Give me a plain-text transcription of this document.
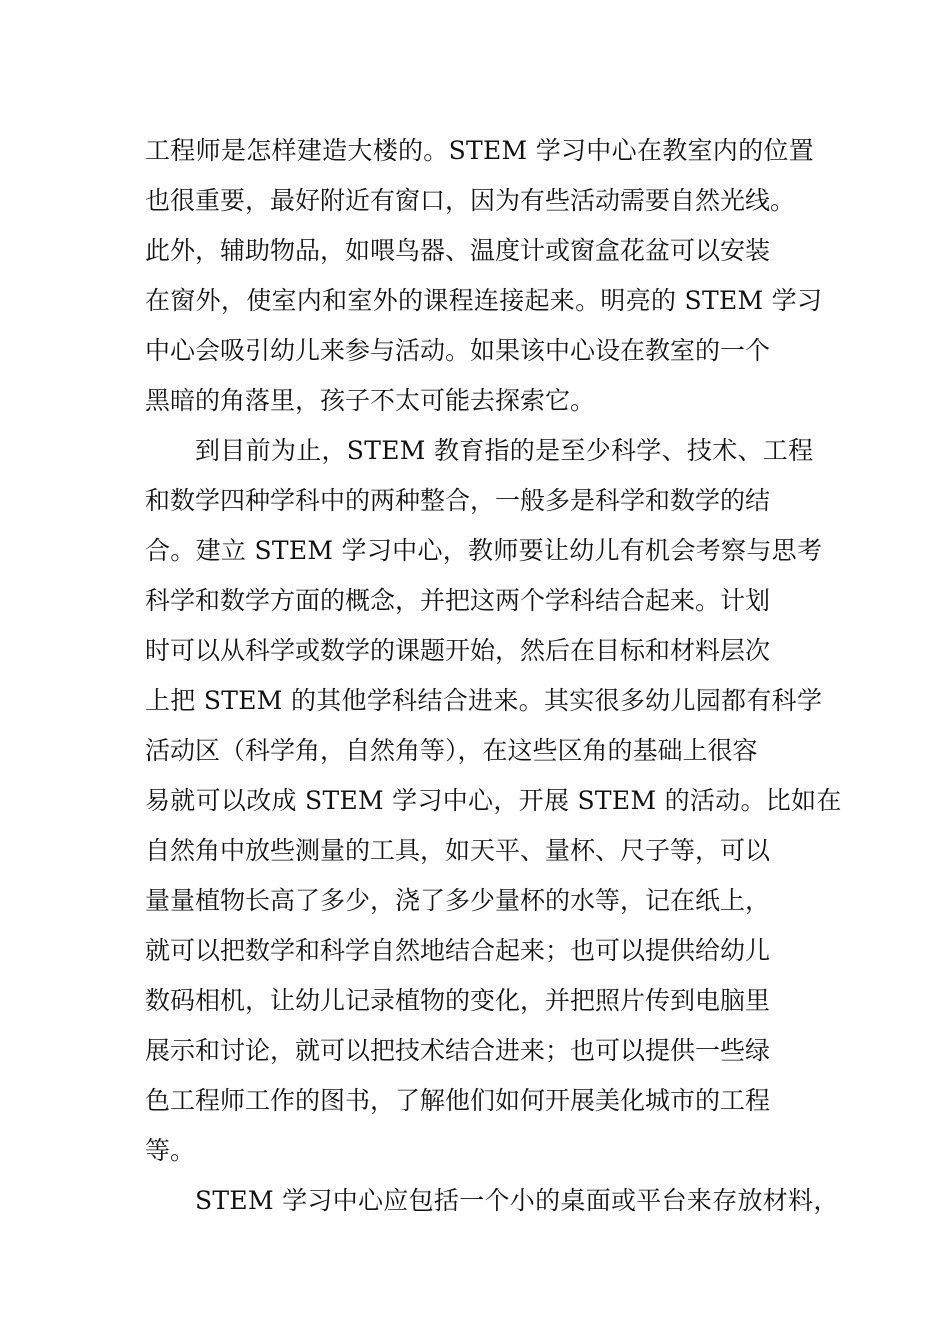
工程师是怎样建造大楼的。STEM 学习中心在教室内的位置
也很重要，最好附近有窗口，因为有些活动需要自然光线。
此外，辅助物品，如喂鸟器、温度计或窗盒花盆可以安装
在窗外，使室内和室外的课程连接起来。明亮的 STEM 学习
中心会吸引幼儿来参与活动。如果该中心设在教室的一个
黑暗的角落里，孩子不太可能去探索它。
到目前为止，STEM 教育指的是至少科学、技术、工程
和数学四种学科中的两种整合，一般多是科学和数学的结
合。建立 STEM 学习中心，教师要让幼儿有机会考察与思考
科学和数学方面的概念，并把这两个学科结合起来。计划
时可以从科学或数学的课题开始，然后在目标和材料层次
上把 STEM 的其他学科结合进来。其实很多幼儿园都有科学
活动区（科学角，自然角等），在这些区角的基础上很容
易就可以改成 STEM 学习中心，开展 STEM 的活动。比如在
自然角中放些测量的工具，如天平、量杯、尺子等，可以
量量植物长高了多少，浇了多少量杯的水等，记在纸上，
就可以把数学和科学自然地结合起来；也可以提供给幼儿
数码相机，让幼儿记录植物的变化，并把照片传到电脑里
展示和讨论，就可以把技术结合进来；也可以提供一些绿
色工程师工作的图书，了解他们如何开展美化城市的工程
等。
STEM 学习中心应包括一个小的桌面或平台来存放材料，
